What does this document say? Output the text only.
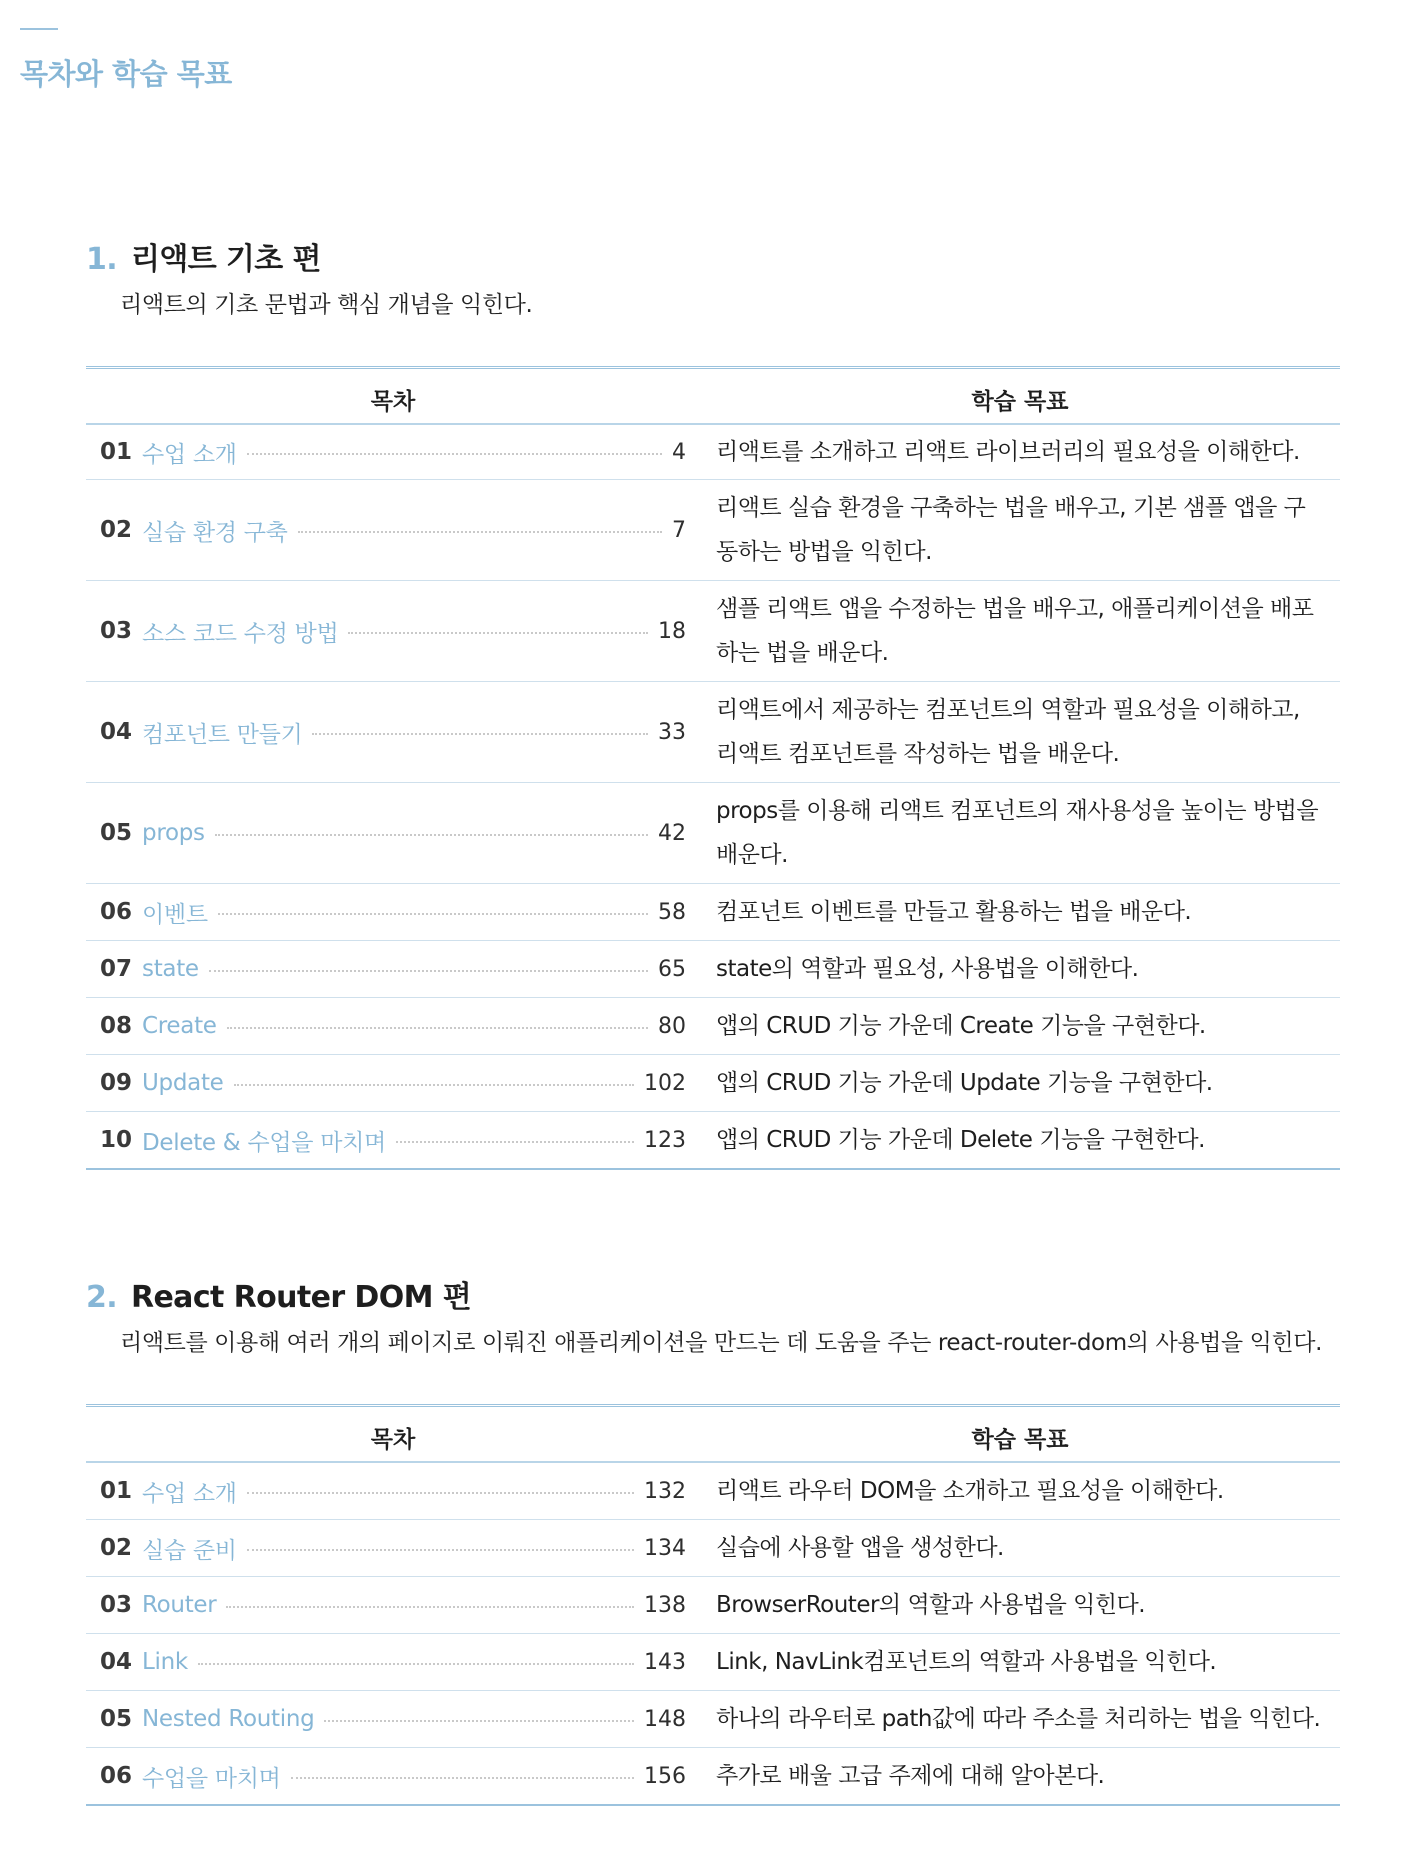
목차와 학습 목표
1. 리액트 기초 편
리액트의 기초 문법과 핵심 개념을 익힌다.
목차	학습 목표
01 수업 소개	4 리액트를 소개하고 리액트 라이브러리의 필요성을 이해한다.
02 실습 환경 구축	7
리액트 실습 환경을 구축하는 법을 배우고, 기본 샘플 앱을 구동하는 방법을 익힌다.
03 소스 코드 수정 방법	18
샘플 리액트 앱을 수정하는 법을 배우고, 애플리케이션을 배포하는 법을 배운다.
04 컴포넌트 만들기	33
리액트에서 제공하는 컴포넌트의 역할과 필요성을 이해하고, 리액트 컴포넌트를 작성하는 법을 배운다.
05 props	42
props를 이용해 리액트 컴포넌트의 재사용성을 높이는 방법을 배운다.
06 이벤트	58 컴포넌트 이벤트를 만들고 활용하는 법을 배운다.
07 state	65 state의 역할과 필요성, 사용법을 이해한다.
08 Create	80 앱의 CRUD 기능 가운데 Create 기능을 구현한다.
09 Update	102 앱의 CRUD 기능 가운데 Update 기능을 구현한다.
10 Delete & 수업을 마치며	123 앱의 CRUD 기능 가운데 Delete 기능을 구현한다.
2. React Router DOM 편
리액트를 이용해 여러 개의 페이지로 이뤄진 애플리케이션을 만드는 데 도움을 주는 react-router-dom의 사용법을 익힌다.
목차	학습 목표
01 수업 소개	132 리액트 라우터 DOM을 소개하고 필요성을 이해한다.
02 실습 준비	134 실습에 사용할 앱을 생성한다.
03 Router	138 BrowserRouter의 역할과 사용법을 익힌다.
04 Link	143 Link, NavLink컴포넌트의 역할과 사용법을 익힌다.
05 Nested Routing	148 하나의 라우터로 path값에 따라 주소를 처리하는 법을 익힌다.
06 수업을 마치며	156 추가로 배울 고급 주제에 대해 알아본다.
